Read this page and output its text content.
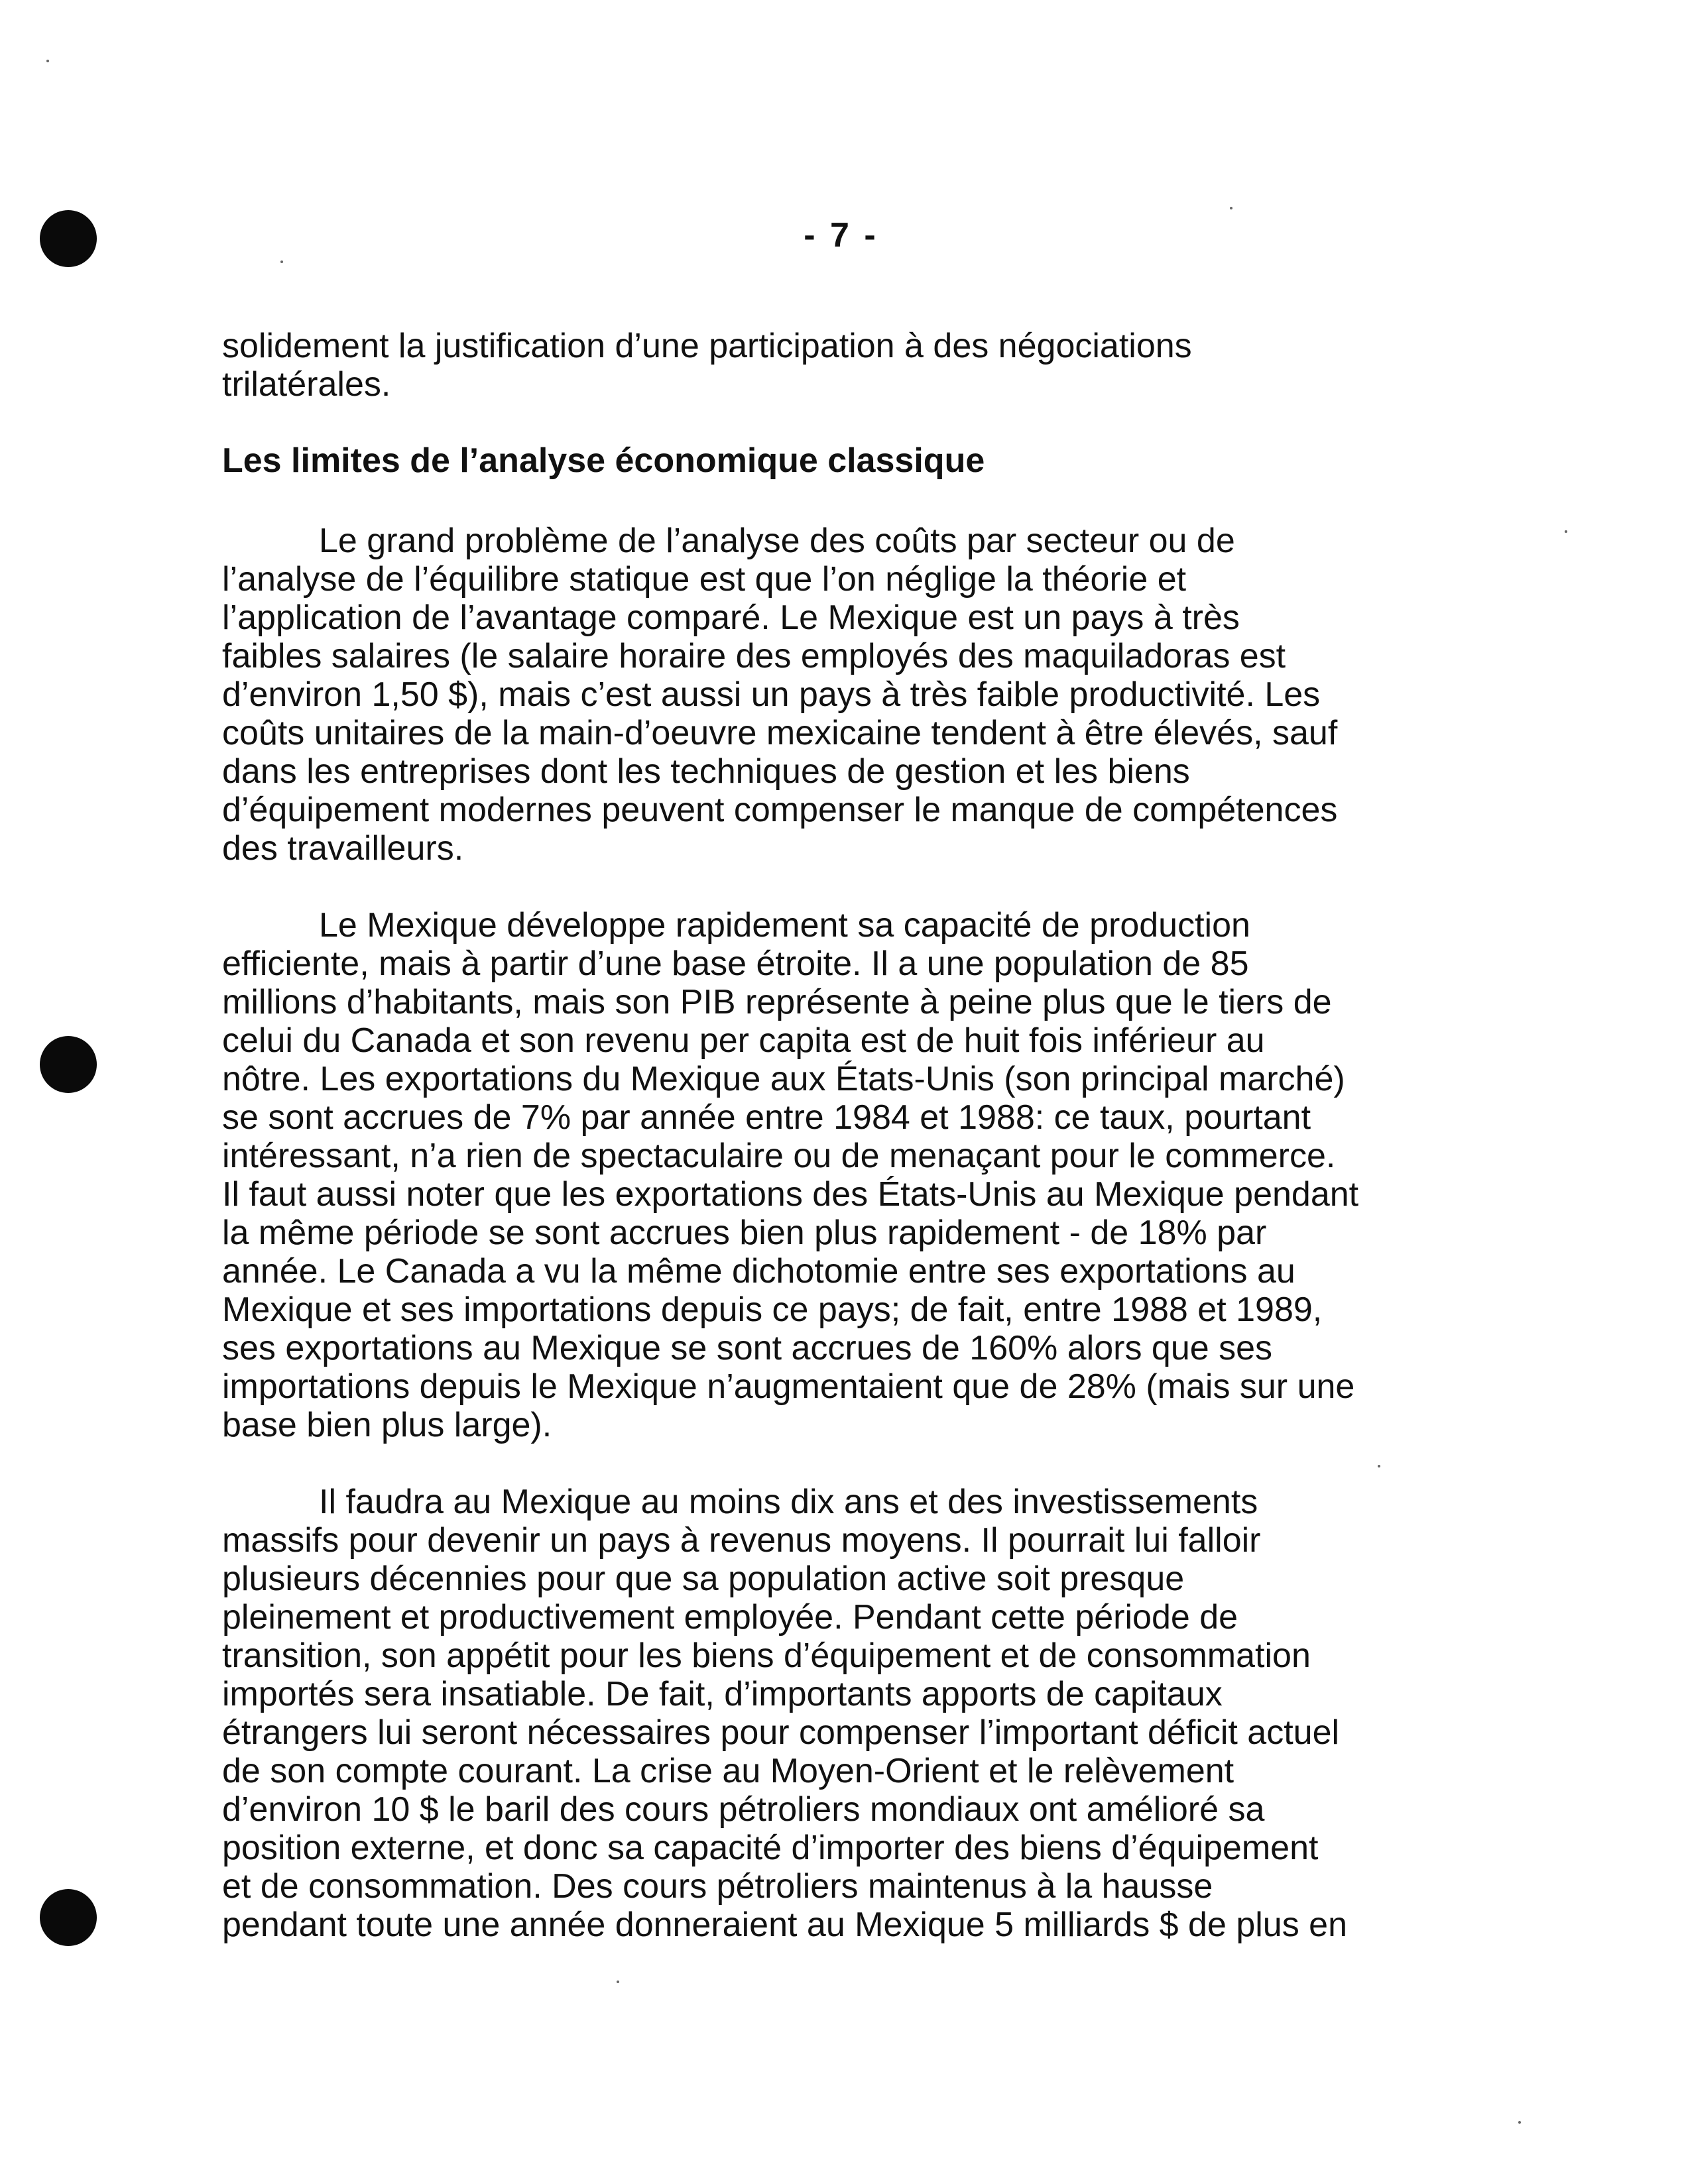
- 7 -
solidement la justification d’une participation à des négociations
trilatérales.
Les limites de l’analyse économique classique
Le grand problème de l’analyse des coûts par secteur ou de
l’analyse de l’équilibre statique est que l’on néglige la théorie et
l’application de l’avantage comparé. Le Mexique est un pays à très
faibles salaires (le salaire horaire des employés des maquiladoras est
d’environ 1,50 $), mais c’est aussi un pays à très faible productivité. Les
coûts unitaires de la main-d’oeuvre mexicaine tendent à être élevés, sauf
dans les entreprises dont les techniques de gestion et les biens
d’équipement modernes peuvent compenser le manque de compétences
des travailleurs.
Le Mexique développe rapidement sa capacité de production
efficiente, mais à partir d’une base étroite. Il a une population de 85
millions d’habitants, mais son PIB représente à peine plus que le tiers de
celui du Canada et son revenu per capita est de huit fois inférieur au
nôtre. Les exportations du Mexique aux États-Unis (son principal marché)
se sont accrues de 7% par année entre 1984 et 1988: ce taux, pourtant
intéressant, n’a rien de spectaculaire ou de menaçant pour le commerce.
Il faut aussi noter que les exportations des États-Unis au Mexique pendant
la même période se sont accrues bien plus rapidement - de 18% par
année. Le Canada a vu la même dichotomie entre ses exportations au
Mexique et ses importations depuis ce pays; de fait, entre 1988 et 1989,
ses exportations au Mexique se sont accrues de 160% alors que ses
importations depuis le Mexique n’augmentaient que de 28% (mais sur une
base bien plus large).
Il faudra au Mexique au moins dix ans et des investissements
massifs pour devenir un pays à revenus moyens. Il pourrait lui falloir
plusieurs décennies pour que sa population active soit presque
pleinement et productivement employée. Pendant cette période de
transition, son appétit pour les biens d’équipement et de consommation
importés sera insatiable. De fait, d’importants apports de capitaux
étrangers lui seront nécessaires pour compenser l’important déficit actuel
de son compte courant. La crise au Moyen-Orient et le relèvement
d’environ 10 $ le baril des cours pétroliers mondiaux ont amélioré sa
position externe, et donc sa capacité d’importer des biens d’équipement
et de consommation. Des cours pétroliers maintenus à la hausse
pendant toute une année donneraient au Mexique 5 milliards $ de plus en
